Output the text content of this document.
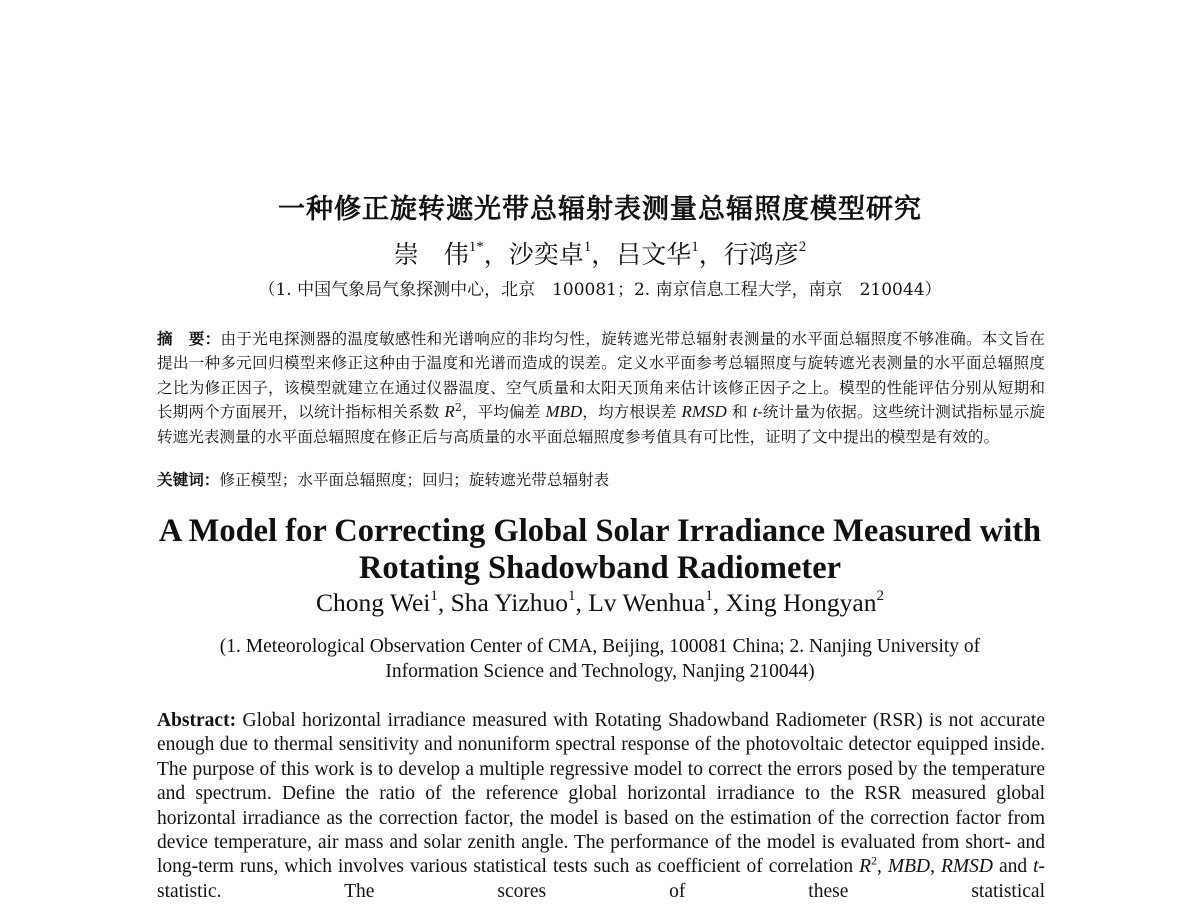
一种修正旋转遮光带总辐射表测量总辐照度模型研究
崇　伟$^{1*}$，沙奕卓$^1$，吕文华$^1$，行鸿彦$^2$
（1. 中国气象局气象探测中心，北京　100081；2. 南京信息工程大学，南京　210044）
摘　要：由于光电探测器的温度敏感性和光谱响应的非均匀性，旋转遮光带总辐射表测量的水平面总辐照度不够准确。本文旨在提出一种多元回归模型来修正这种由于温度和光谱而造成的误差。定义水平面参考总辐照度与旋转遮光表测量的水平面总辐照度之比为修正因子，该模型就建立在通过仪器温度、空气质量和太阳天顶角来估计该修正因子之上。模型的性能评估分别从短期和长期两个方面展开，以统计指标相关系数 $R^2$，平均偏差 MBD，均方根误差 RMSD 和 t-统计量为依据。这些统计测试指标显示旋转遮光表测量的水平面总辐照度在修正后与高质量的水平面总辐照度参考值具有可比性，证明了文中提出的模型是有效的。
关键词：修正模型；水平面总辐照度；回归；旋转遮光带总辐射表
A Model for Correcting Global Solar Irradiance Measured with
Rotating Shadowband Radiometer
Chong Wei$^1$, Sha Yizhuo$^1$, Lv Wenhua$^1$, Xing Hongyan$^2$
(1. Meteorological Observation Center of CMA, Beijing, 100081 China; 2. Nanjing University of
Information Science and Technology, Nanjing 210044)
Abstract: Global horizontal irradiance measured with Rotating Shadowband Radiometer (RSR) is not accurate enough due to thermal sensitivity and nonuniform spectral response of the photovoltaic detector equipped inside. The purpose of this work is to develop a multiple regressive model to correct the errors posed by the temperature and spectrum. Define the ratio of the reference global horizontal irradiance to the RSR measured global horizontal irradiance as the correction factor, the model is based on the estimation of the correction factor from device temperature, air mass and solar zenith angle. The performance of the model is evaluated from short- and long-term runs, which involves various statistical tests such as coefficient of correlation $R^2$, MBD, RMSD and t-statistic. The scores of these statistical
